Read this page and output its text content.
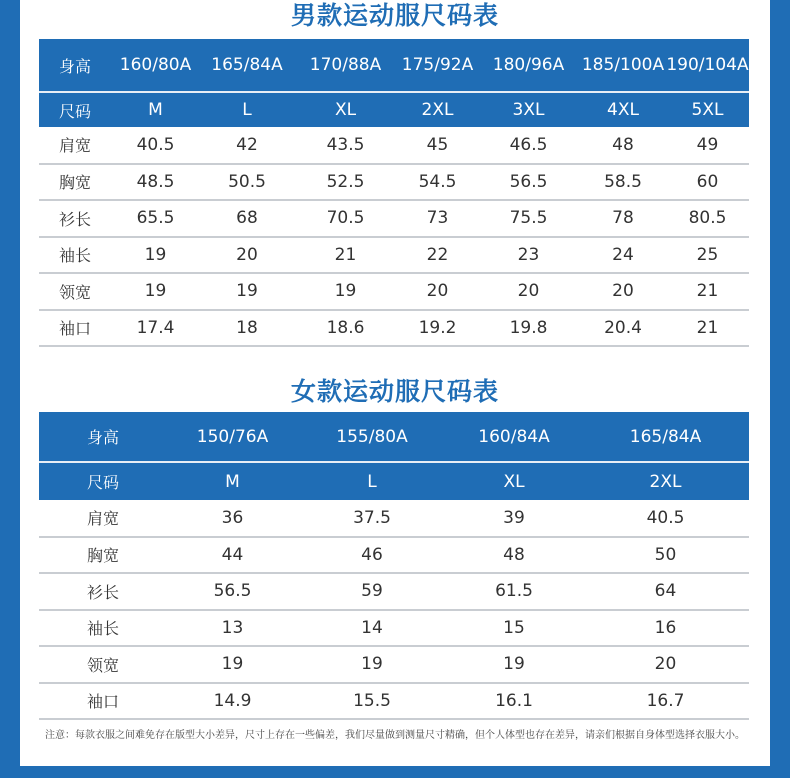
男款运动服尺码表
身高	160/80A	165/84A	170/88A	175/92A	180/96A	185/100A	190/104A
尺码	M	L	XL	2XL	3XL	4XL	5XL
肩宽	40.5	42	43.5	45	46.5	48	49
胸宽	48.5	50.5	52.5	54.5	56.5	58.5	60
衫长	65.5	68	70.5	73	75.5	78	80.5
袖长	19	20	21	22	23	24	25
领宽	19	19	19	20	20	20	21
袖口	17.4	18	18.6	19.2	19.8	20.4	21
女款运动服尺码表
身高	150/76A	155/80A	160/84A	165/84A
尺码	M	L	XL	2XL
肩宽	36	37.5	39	40.5
胸宽	44	46	48	50
衫长	56.5	59	61.5	64
袖长	13	14	15	16
领宽	19	19	19	20
袖口	14.9	15.5	16.1	16.7
注意：每款衣服之间难免存在版型大小差异，尺寸上存在一些偏差，我们尽量做到测量尺寸精确，但个人体型也存在差异，请亲们根据自身体型选择衣服大小。
